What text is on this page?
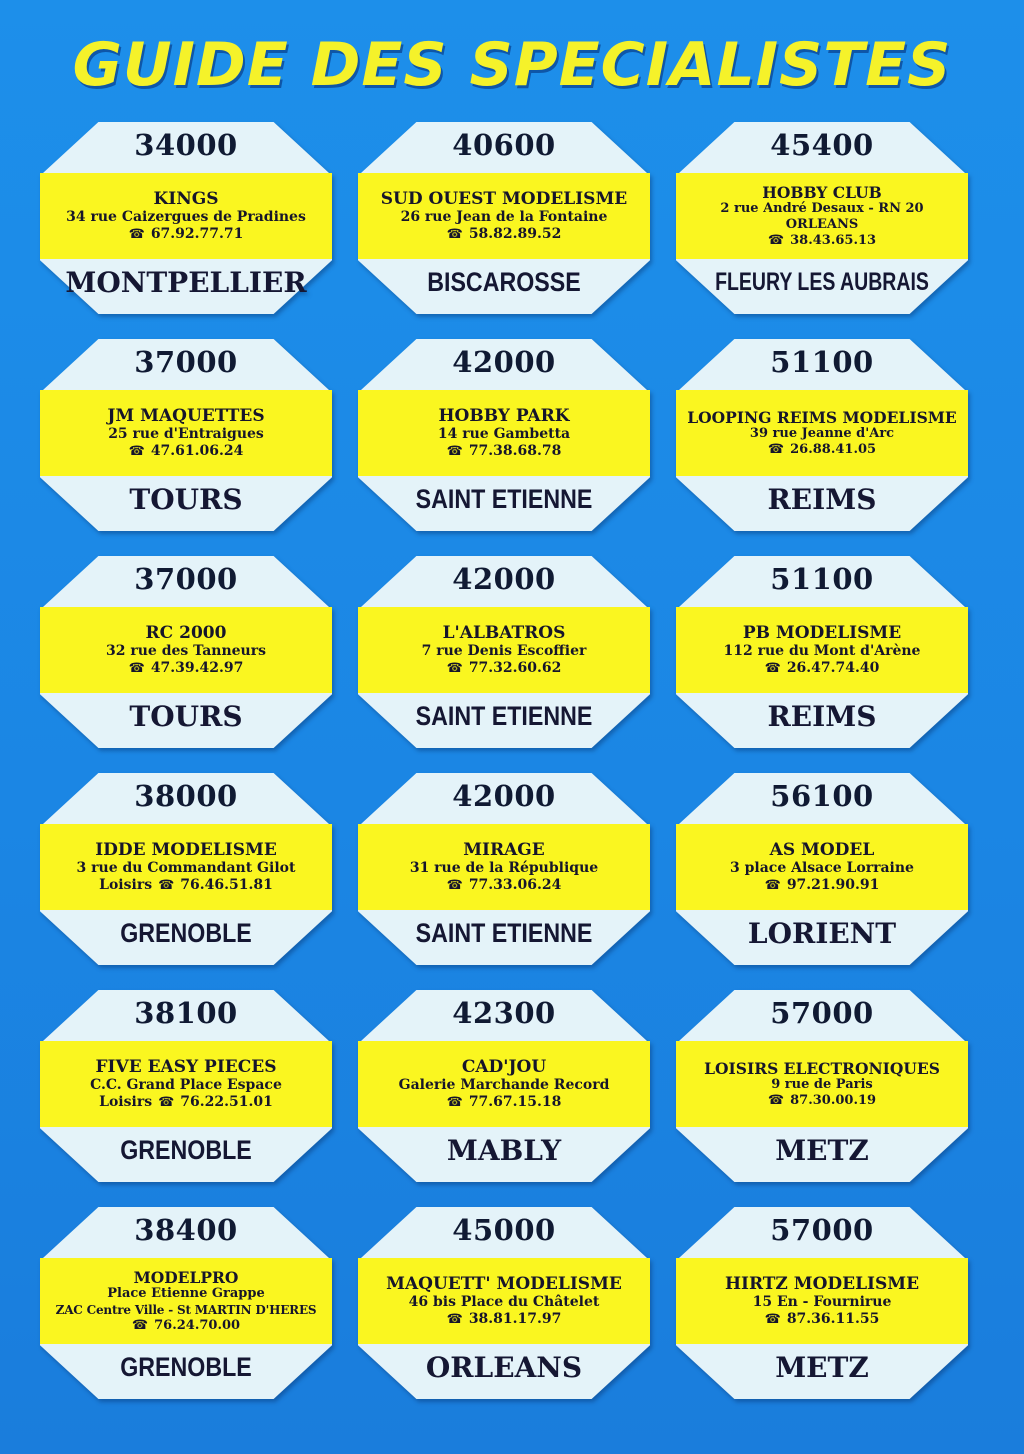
GUIDE DES SPECIALISTES
34000
KINGS
34 rue Caizergues de Pradines
☎ 67.92.77.71
MONTPELLIER
40600
SUD OUEST MODELISME
26 rue Jean de la Fontaine
☎ 58.82.89.52
BISCAROSSE
45400
HOBBY CLUB
2 rue André Desaux - RN 20
ORLEANS
☎ 38.43.65.13
FLEURY LES AUBRAIS
37000
JM MAQUETTES
25 rue d'Entraigues
☎ 47.61.06.24
TOURS
42000
HOBBY PARK
14 rue Gambetta
☎ 77.38.68.78
SAINT ETIENNE
51100
LOOPING REIMS MODELISME
39 rue Jeanne d'Arc
☎ 26.88.41.05
REIMS
37000
RC 2000
32 rue des Tanneurs
☎ 47.39.42.97
TOURS
42000
L'ALBATROS
7 rue Denis Escoffier
☎ 77.32.60.62
SAINT ETIENNE
51100
PB MODELISME
112 rue du Mont d'Arène
☎ 26.47.74.40
REIMS
38000
IDDE MODELISME
3 rue du Commandant Gilot
Loisirs ☎ 76.46.51.81
GRENOBLE
42000
MIRAGE
31 rue de la République
☎ 77.33.06.24
SAINT ETIENNE
56100
AS MODEL
3 place Alsace Lorraine
☎ 97.21.90.91
LORIENT
38100
FIVE EASY PIECES
C.C. Grand Place Espace
Loisirs ☎ 76.22.51.01
GRENOBLE
42300
CAD'JOU
Galerie Marchande Record
☎ 77.67.15.18
MABLY
57000
LOISIRS ELECTRONIQUES
9 rue de Paris
☎ 87.30.00.19
METZ
38400
MODELPRO
Place Etienne Grappe
ZAC Centre Ville - St MARTIN D'HERES
☎ 76.24.70.00
GRENOBLE
45000
MAQUETT' MODELISME
46 bis Place du Châtelet
☎ 38.81.17.97
ORLEANS
57000
HIRTZ MODELISME
15 En - Fournirue
☎ 87.36.11.55
METZ
